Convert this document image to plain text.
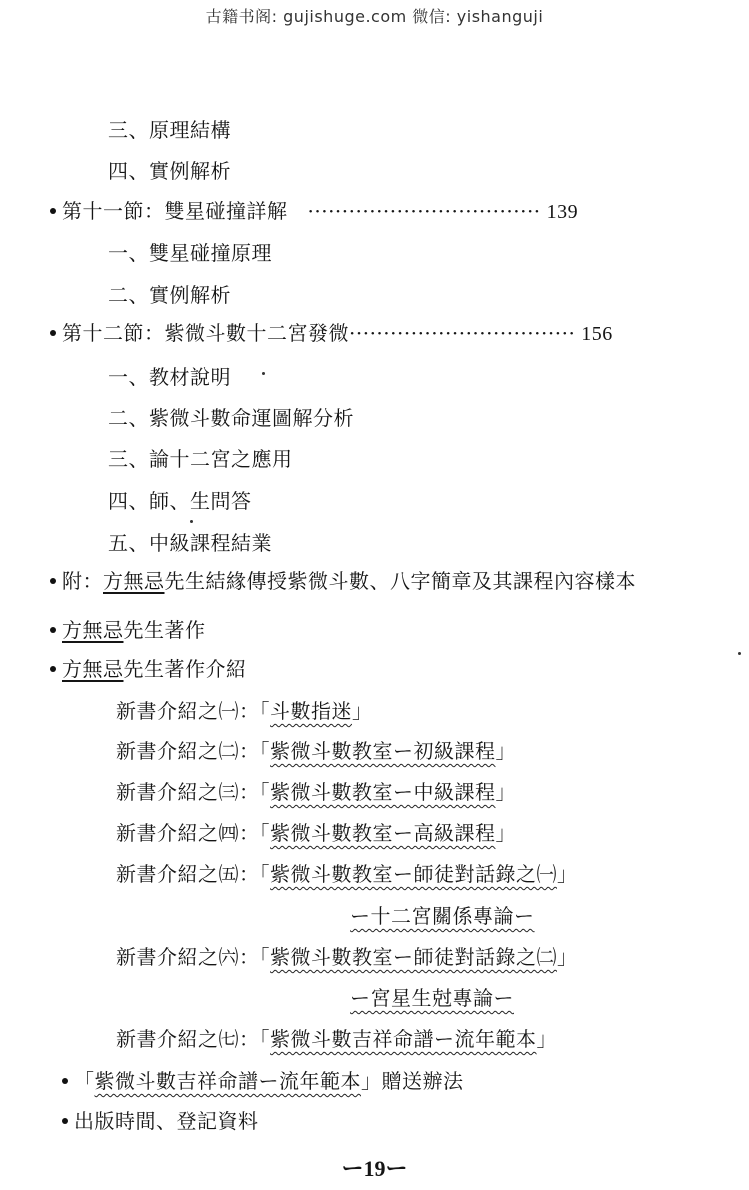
古籍书阁: gujishuge.com 微信: yishanguji
三、原理結構
四、實例解析
第十一節：雙星碰撞詳解 ·································· 139
一、雙星碰撞原理
二、實例解析
第十二節：紫微斗數十二宮發微································· 156
一、教材說明
二、紫微斗數命運圖解分析
三、論十二宮之應用
四、師、生問答
五、中級課程結業
附：方無忌先生結緣傳授紫微斗數、八字簡章及其課程內容樣本
方無忌先生著作
方無忌先生著作介紹
新書介紹之㈠：「斗數指迷」
新書介紹之㈡：「紫微斗數教室ー初級課程」
新書介紹之㈢：「紫微斗數教室ー中級課程」
新書介紹之㈣：「紫微斗數教室ー高級課程」
新書介紹之㈤：「紫微斗數教室ー師徒對話錄之㈠」
ー十二宮關係專論ー
新書介紹之㈥：「紫微斗數教室ー師徒對話錄之㈡」
ー宮星生尅專論ー
新書介紹之㈦：「紫微斗數吉祥命譜ー流年範本」
「紫微斗數吉祥命譜ー流年範本」贈送辦法
出版時間、登記資料
ー19ー
